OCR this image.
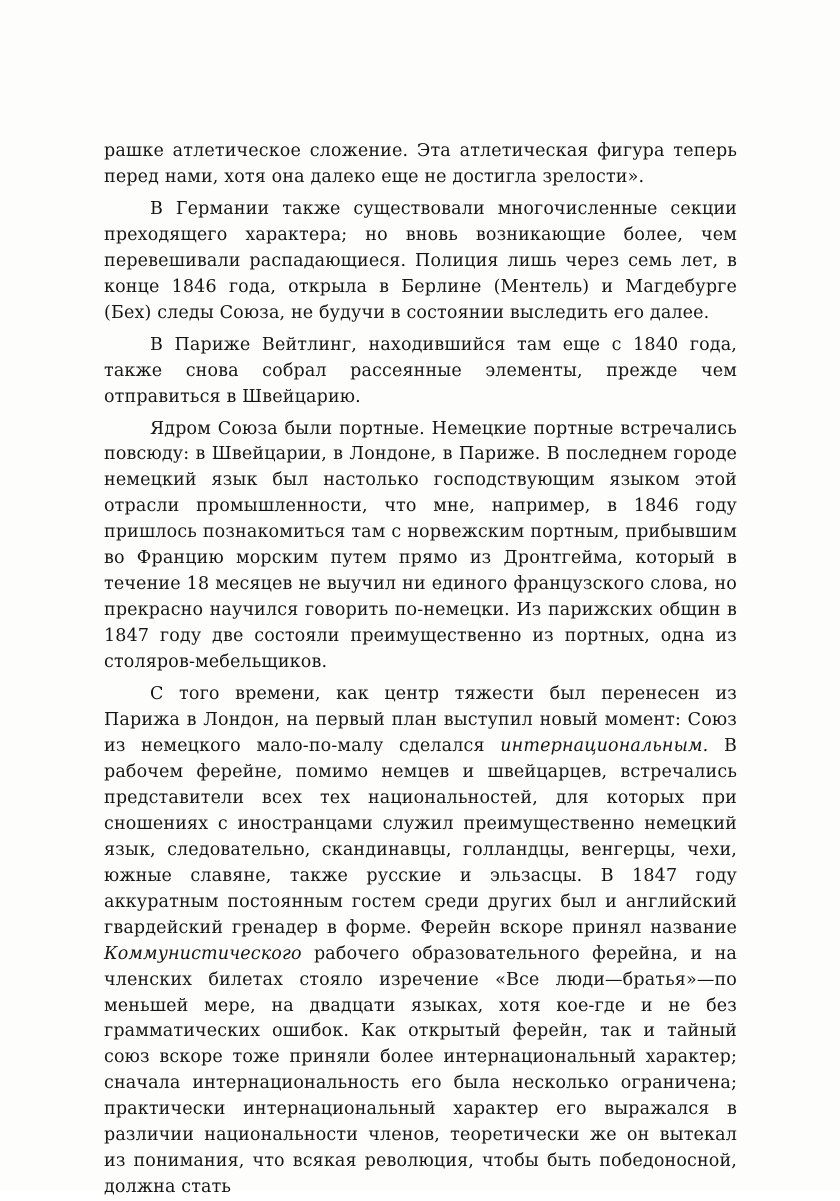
рашке атлетическое сложение. Эта атлетическая фигура теперь перед нами, хотя она далеко еще не достигла зрелости».

В Германии также существовали многочисленные секции преходящего характера; но вновь возникающие более, чем перевешивали распадающиеся. Полиция лишь через семь лет, в конце 1846 года, открыла в Берлине (Ментель) и Магдебурге (Бех) следы Союза, не будучи в состоянии выследить его далее.

В Париже Вейтлинг, находившийся там еще с 1840 года, также снова собрал рассеянные элементы, прежде чем отправиться в Швейцарию.

Ядром Союза были портные. Немецкие портные встречались повсюду: в Швейцарии, в Лондоне, в Париже. В последнем городе немецкий язык был настолько господствующим языком этой отрасли промышленности, что мне, например, в 1846 году пришлось познакомиться там с норвежским портным, прибывшим во Францию морским путем прямо из Дронтгейма, который в течение 18 месяцев не выучил ни единого французского слова, но прекрасно научился говорить по-немецки. Из парижских общин в 1847 году две состояли преимущественно из портных, одна из столяров-мебельщиков.

С того времени, как центр тяжести был перенесен из Парижа в Лондон, на первый план выступил новый момент: Союз из немецкого мало-по-малу сделался интернациональным. В рабочем ферейне, помимо немцев и швейцарцев, встречались представители всех тех национальностей, для которых при сношениях с иностранцами служил преимущественно немецкий язык, следовательно, скандинавцы, голландцы, венгерцы, чехи, южные славяне, также русские и эльзасцы. В 1847 году аккуратным постоянным гостем среди других был и английский гвардейский гренадер в форме. Ферейн вскоре принял название Коммунистического рабочего образовательного ферейна, и на членских билетах стояло изречение «Все люди—братья»—по меньшей мере, на двадцати языках, хотя кое-где и не без грамматических ошибок. Как открытый ферейн, так и тайный союз вскоре тоже приняли более интернациональный характер; сначала интернациональность его была несколько ограничена; практически интернациональный характер его выражался в различии национальности членов, теоретически же он вытекал из понимания, что всякая революция, чтобы быть победоносной, должна стать
